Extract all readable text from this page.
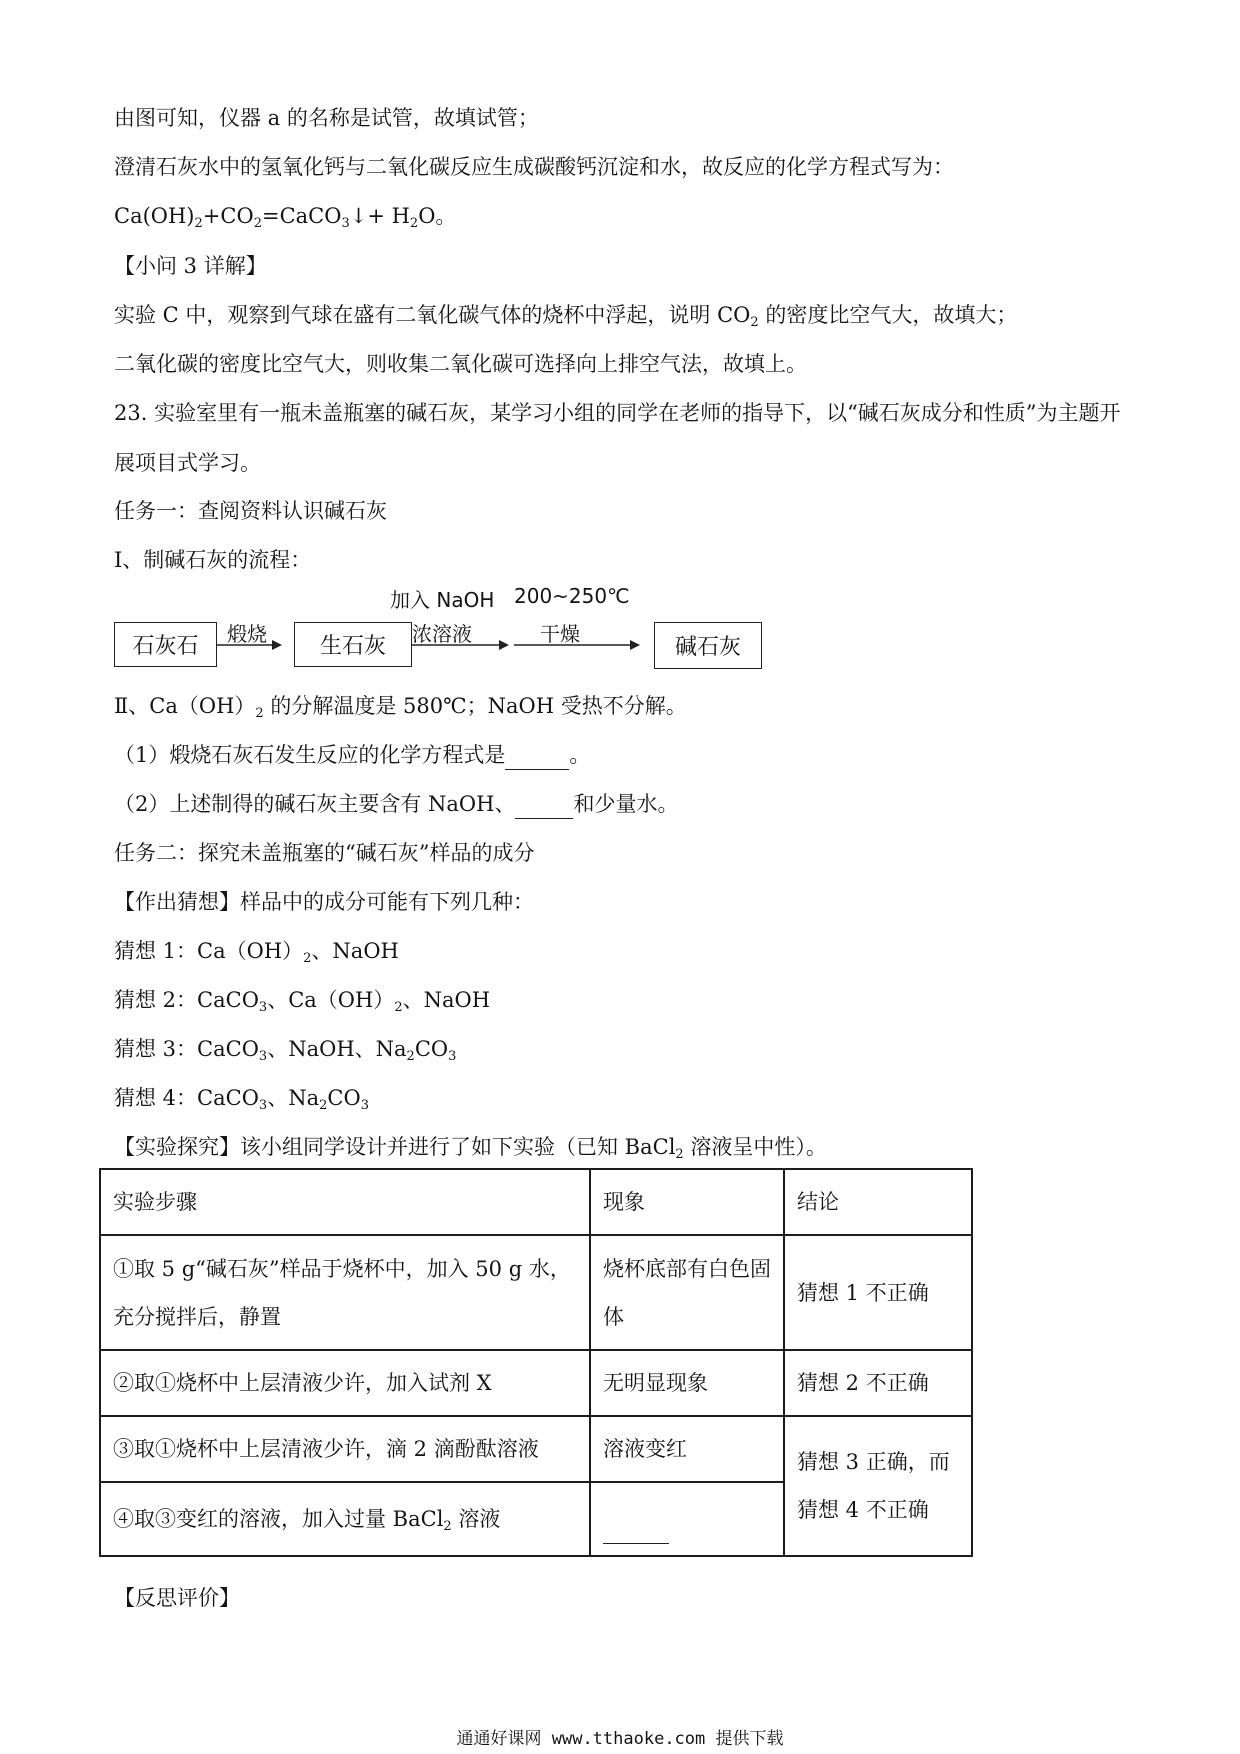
由图可知，仪器 a 的名称是试管，故填试管；
澄清石灰水中的氢氧化钙与二氧化碳反应生成碳酸钙沉淀和水，故反应的化学方程式写为：
$Ca(OH)_2+CO_2=CaCO_3↓+ H_2O$。
【小问 3 详解】
实验 C 中，观察到气球在盛有二氧化碳气体的烧杯中浮起，说明 $CO_2$ 的密度比空气大，故填大；
二氧化碳的密度比空气大，则收集二氧化碳可选择向上排空气法，故填上。
23. 实验室里有一瓶未盖瓶塞的碱石灰，某学习小组的同学在老师的指导下，以“碱石灰成分和性质”为主题开展项目式学习。
任务一：查阅资料认识碱石灰
Ⅰ、制碱石灰的流程：
石灰石	生石灰	碱石灰
煅烧
加入 NaOH
浓溶液
200~250℃
干燥
Ⅱ、$Ca(OH)_2$ 的分解温度是 580℃；NaOH 受热不分解。
（1）煅烧石灰石发生反应的化学方程式是	。
（2）上述制得的碱石灰主要含有 NaOH、	和少量水。
任务二：探究未盖瓶塞的“碱石灰”样品的成分
【作出猜想】样品中的成分可能有下列几种：
猜想 1：$Ca(OH)_2$、NaOH
猜想 2：CaCO$_3$、$Ca(OH)_2$、NaOH
猜想 3：CaCO$_3$、NaOH、$Na_2CO_3$
猜想 4：CaCO$_3$、$Na_2CO_3$
【实验探究】该小组同学设计并进行了如下实验（已知 BaCl$_2$ 溶液呈中性）。
实验步骤	现象	结论
①取 5 g“碱石灰”样品于烧杯中，加入 50 g 水，充分搅拌后，静置	烧杯底部有白色固体	猜想 1 不正确
②取①烧杯中上层清液少许，加入试剂 X	无明显现象	猜想 2 不正确
③取①烧杯中上层清液少许，滴 2 滴酚酞溶液	溶液变红	猜想 3 正确，而猜想 4 不正确
④取③变红的溶液，加入过量 BaCl$_2$ 溶液		
【反思评价】
通通好课网 www.tthaoke.com 提供下载
